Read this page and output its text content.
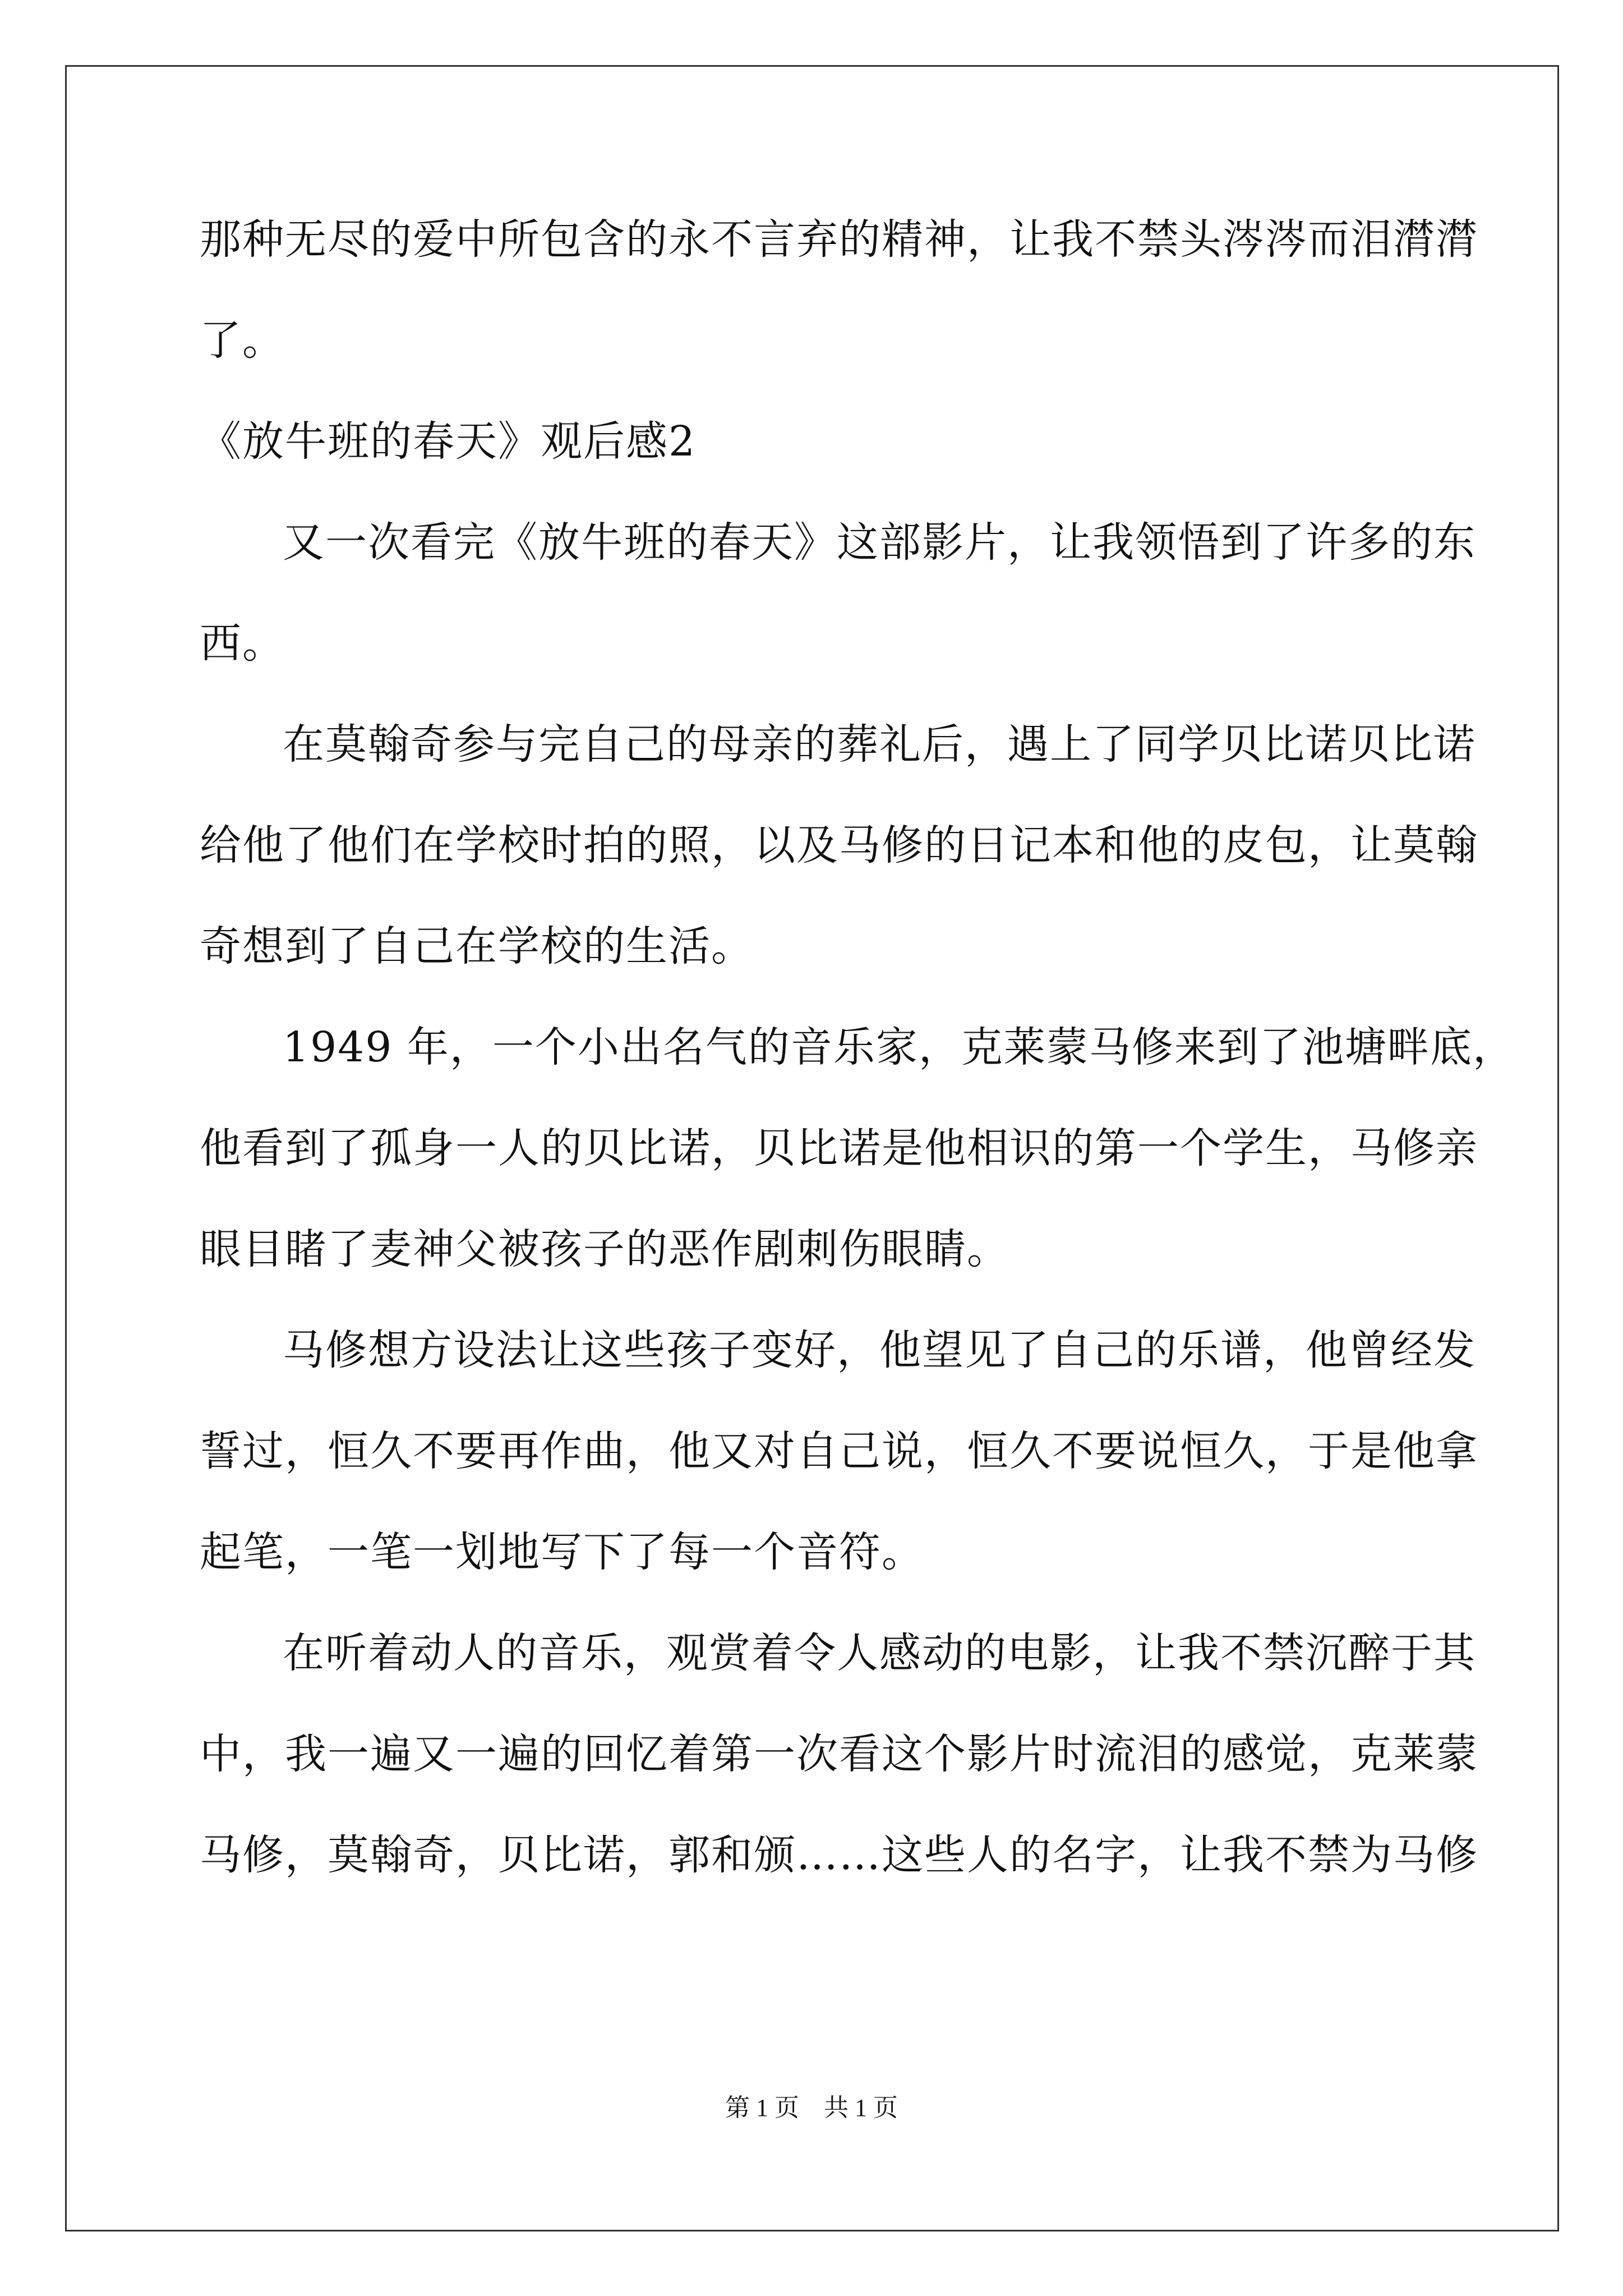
那种无尽的爱中所包含的永不言弃的精神，让我不禁头涔涔而泪潸潸
了。
《放牛班的春天》观后感2
又一次看完《放牛班的春天》这部影片，让我领悟到了许多的东
西。
在莫翰奇参与完自己的母亲的葬礼后，遇上了同学贝比诺贝比诺
给他了他们在学校时拍的照，以及马修的日记本和他的皮包，让莫翰
奇想到了自己在学校的生活。
1949 年，一个小出名气的音乐家，克莱蒙马修来到了池塘畔底，
他看到了孤身一人的贝比诺，贝比诺是他相识的第一个学生，马修亲
眼目睹了麦神父被孩子的恶作剧刺伤眼睛。
马修想方设法让这些孩子变好，他望见了自己的乐谱，他曾经发
誓过，恒久不要再作曲，他又对自己说，恒久不要说恒久，于是他拿
起笔，一笔一划地写下了每一个音符。
在听着动人的音乐，观赏着令人感动的电影，让我不禁沉醉于其
中，我一遍又一遍的回忆着第一次看这个影片时流泪的感觉，克莱蒙
马修，莫翰奇，贝比诺，郭和颁……这些人的名字，让我不禁为马修
第 1 页    共 1 页
